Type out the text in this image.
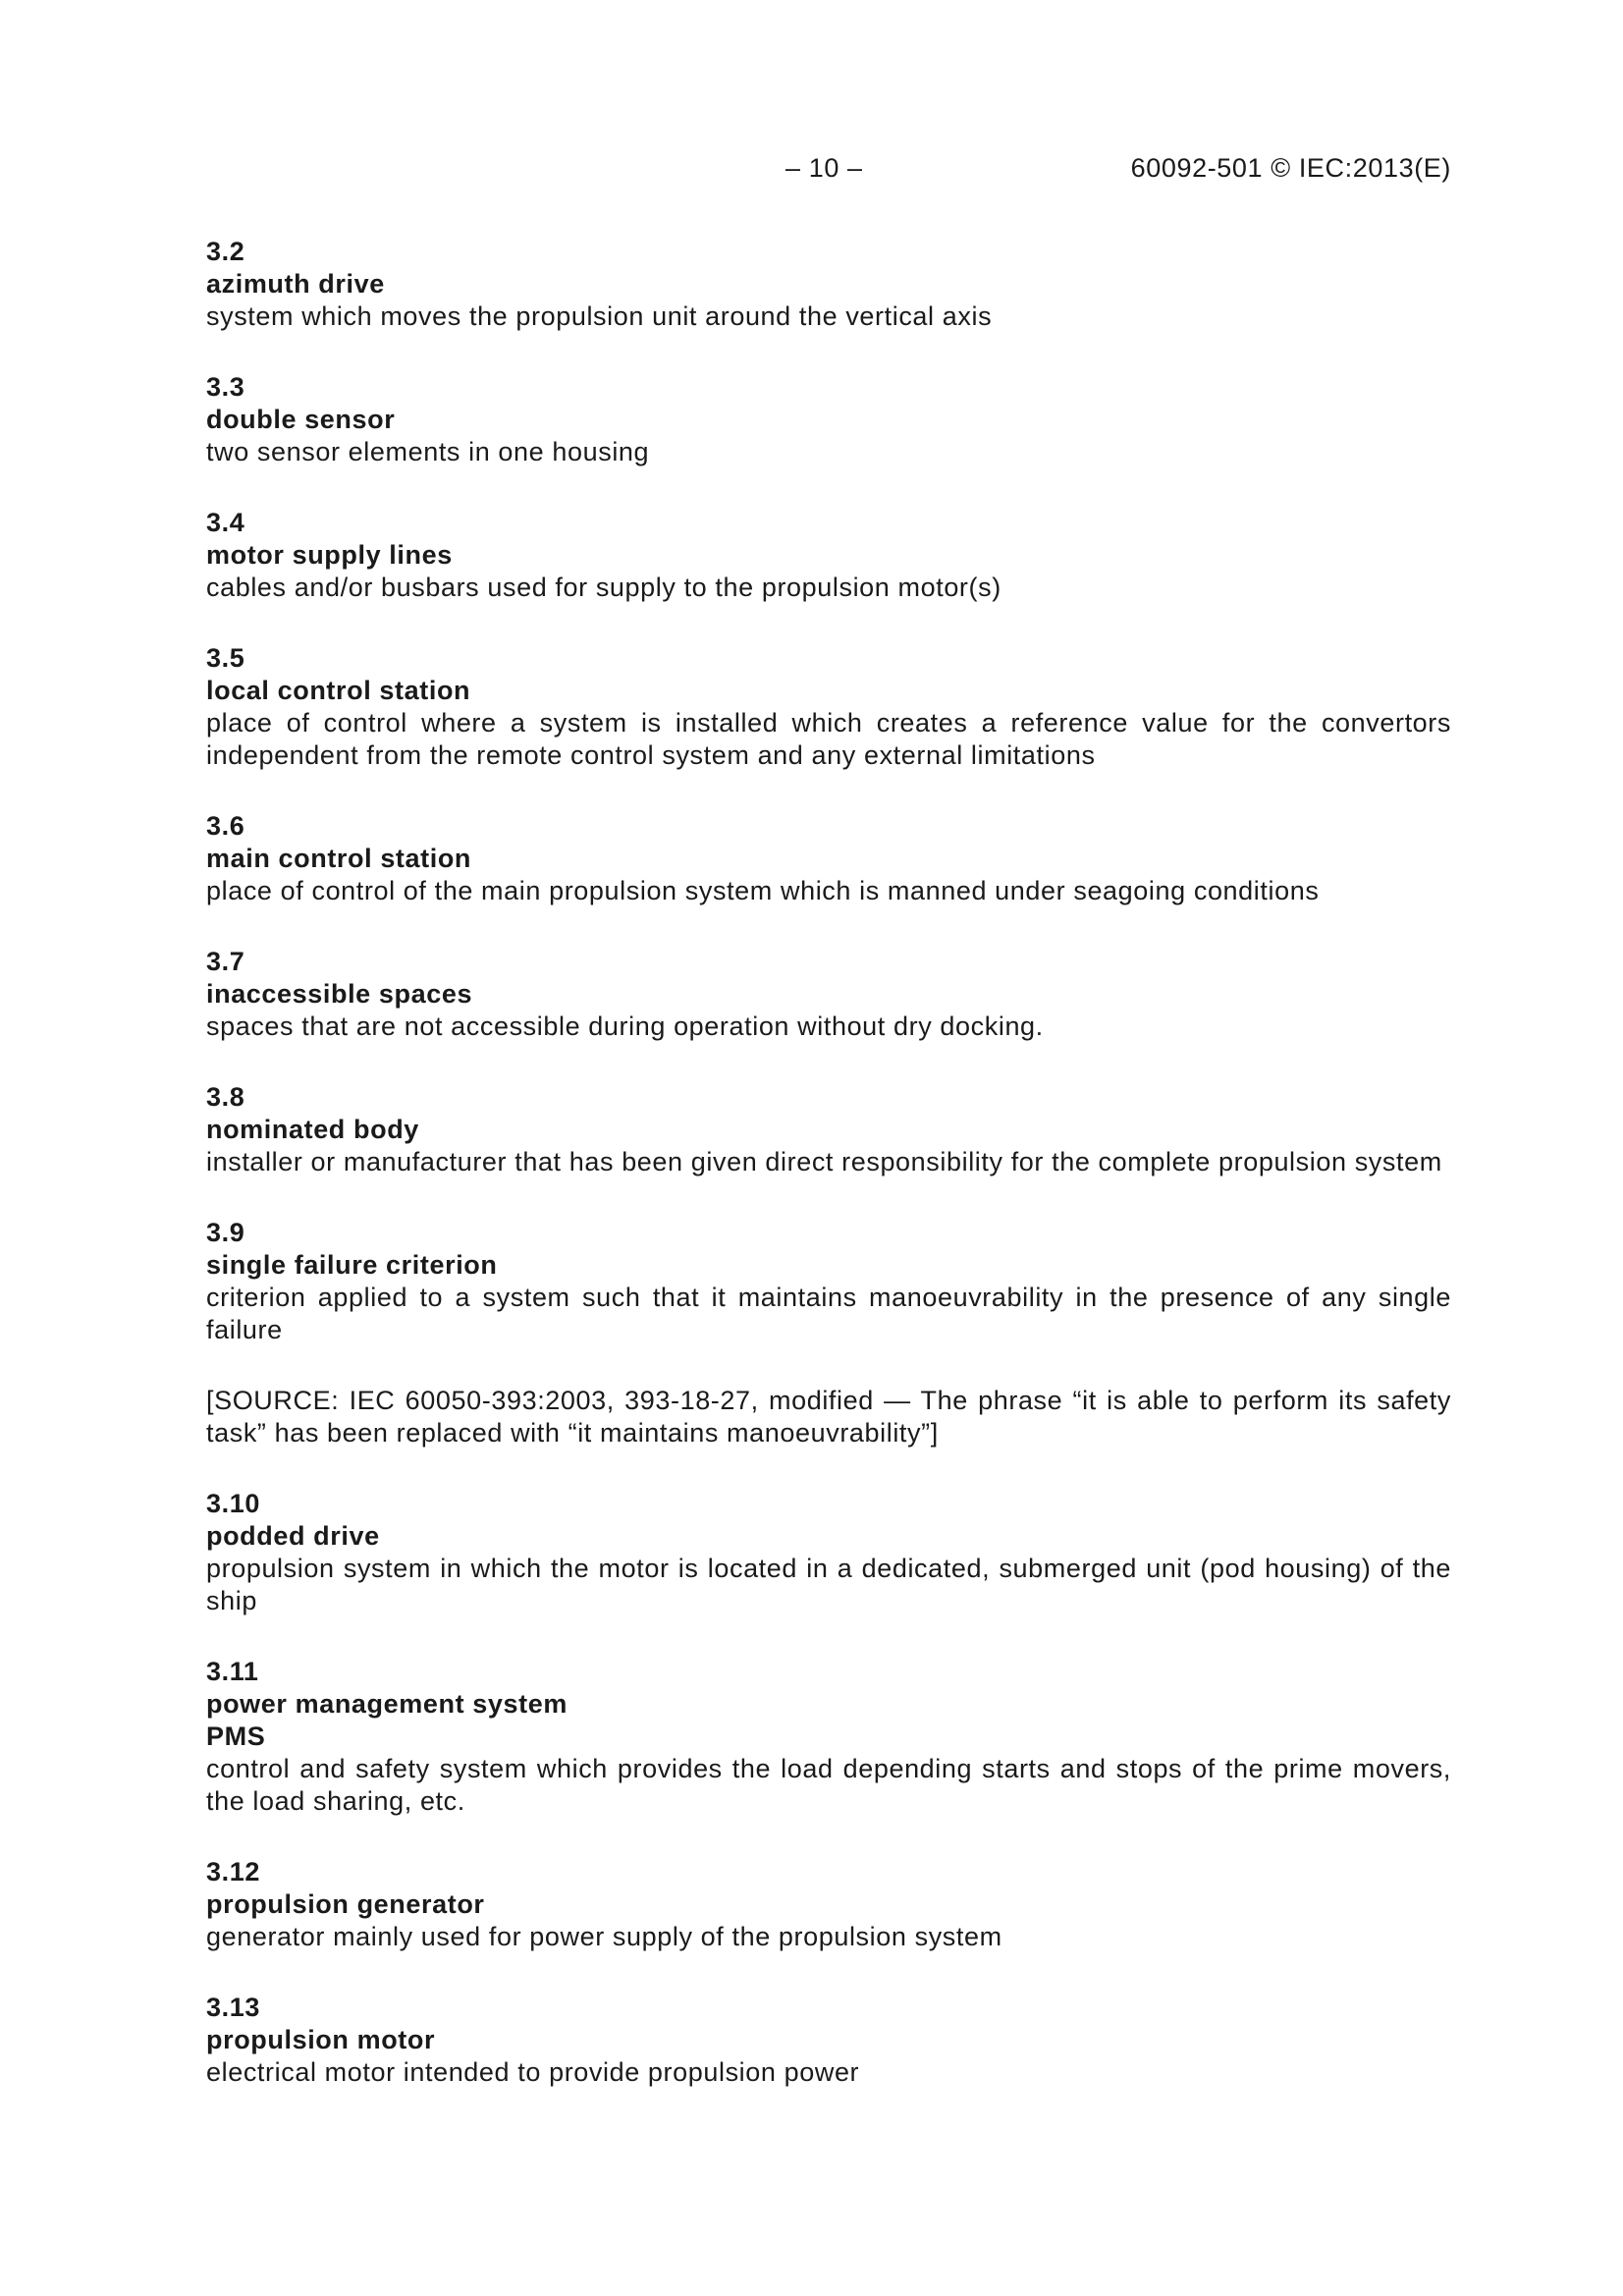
– 10 –	60092-501 © IEC:2013(E)
3.2
azimuth drive
system which moves the propulsion unit around the vertical axis
3.3
double sensor
two sensor elements in one housing
3.4
motor supply lines
cables and/or busbars used for supply to the propulsion motor(s)
3.5
local control station
place of control where a system is installed which creates a reference value for the convertors independent from the remote control system and any external limitations
3.6
main control station
place of control of the main propulsion system which is manned under seagoing conditions
3.7
inaccessible spaces
spaces that are not accessible during operation without dry docking.
3.8
nominated body
installer or manufacturer that has been given direct responsibility for the complete propulsion system
3.9
single failure criterion
criterion applied to a system such that it maintains manoeuvrability in the presence of any single failure
[SOURCE: IEC 60050-393:2003, 393-18-27, modified — The phrase “it is able to perform its safety task” has been replaced with “it maintains manoeuvrability”]
3.10
podded drive
propulsion system in which the motor is located in a dedicated, submerged unit (pod housing) of the ship
3.11
power management system
PMS
control and safety system which provides the load depending starts and stops of the prime movers, the load sharing, etc.
3.12
propulsion generator
generator mainly used for power supply of the propulsion system
3.13
propulsion motor
electrical motor intended to provide propulsion power
